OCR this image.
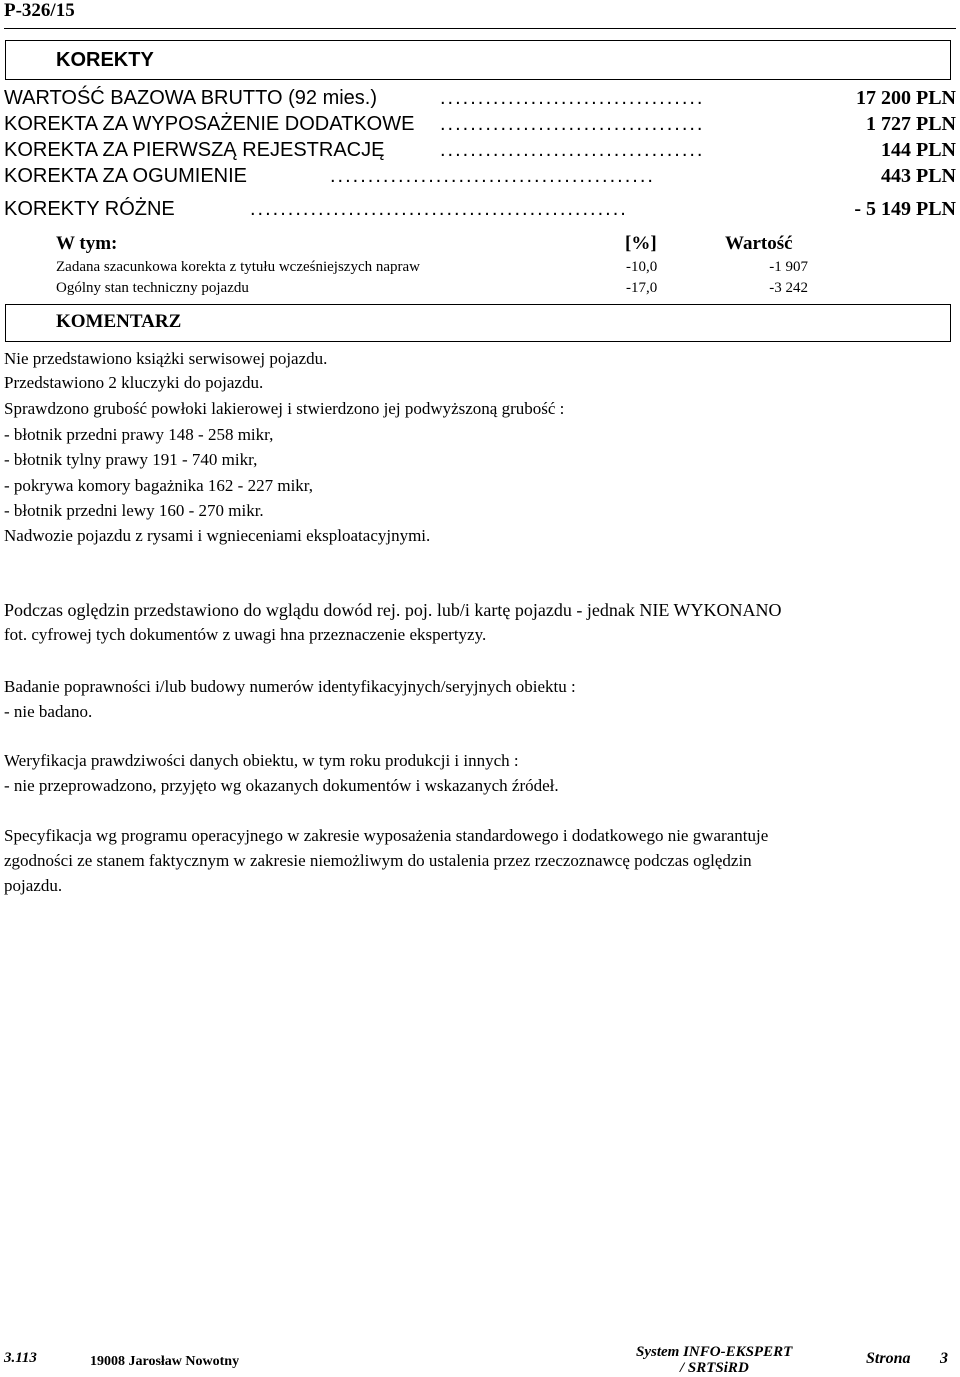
P-326/15
KOREKTY
WARTOŚĆ BAZOWA BRUTTO (92 mies.)	...................................	17 200 PLN
KOREKTA ZA WYPOSAŻENIE DODATKOWE ...................................	1 727 PLN
KOREKTA ZA PIERWSZĄ REJESTRACJĘ	...................................	144 PLN
KOREKTA ZA OGUMIENIE	...........................................	443 PLN
KOREKTY RÓŻNE	..................................................	- 5 149 PLN
W tym:	[%]	Wartość
Zadana szacunkowa korekta z tytułu wcześniejszych napraw	-10,0	-1 907
Ogólny stan techniczny pojazdu	-17,0	-3 242
KOMENTARZ
Nie przedstawiono książki serwisowej pojazdu.
Przedstawiono 2 kluczyki do pojazdu.
Sprawdzono grubość powłoki lakierowej i stwierdzono jej podwyższoną grubość :
- błotnik przedni prawy 148 - 258 mikr,
- błotnik tylny prawy 191 - 740 mikr,
- pokrywa komory bagażnika 162 - 227 mikr,
- błotnik przedni lewy 160 - 270 mikr.
Nadwozie pojazdu z rysami i wgnieceniami eksploatacyjnymi.
Podczas oględzin przedstawiono do wglądu dowód rej. poj. lub/i kartę pojazdu - jednak NIE WYKONANO
fot. cyfrowej tych dokumentów z uwagi hna przeznaczenie ekspertyzy.
Badanie poprawności i/lub budowy numerów identyfikacyjnych/seryjnych obiektu :
- nie badano.
Weryfikacja prawdziwości danych obiektu, w tym roku produkcji i innych :
- nie przeprowadzono, przyjęto wg okazanych dokumentów i wskazanych źródeł.
Specyfikacja wg programu operacyjnego w zakresie wyposażenia standardowego i dodatkowego nie gwarantuje
zgodności ze stanem faktycznym w zakresie niemożliwym do ustalenia przez rzeczoznawcę podczas oględzin
pojazdu.
3.113	19008 Jarosław Nowotny
System INFO-EKSPERT
/ SRTSiRD
Strona 3
